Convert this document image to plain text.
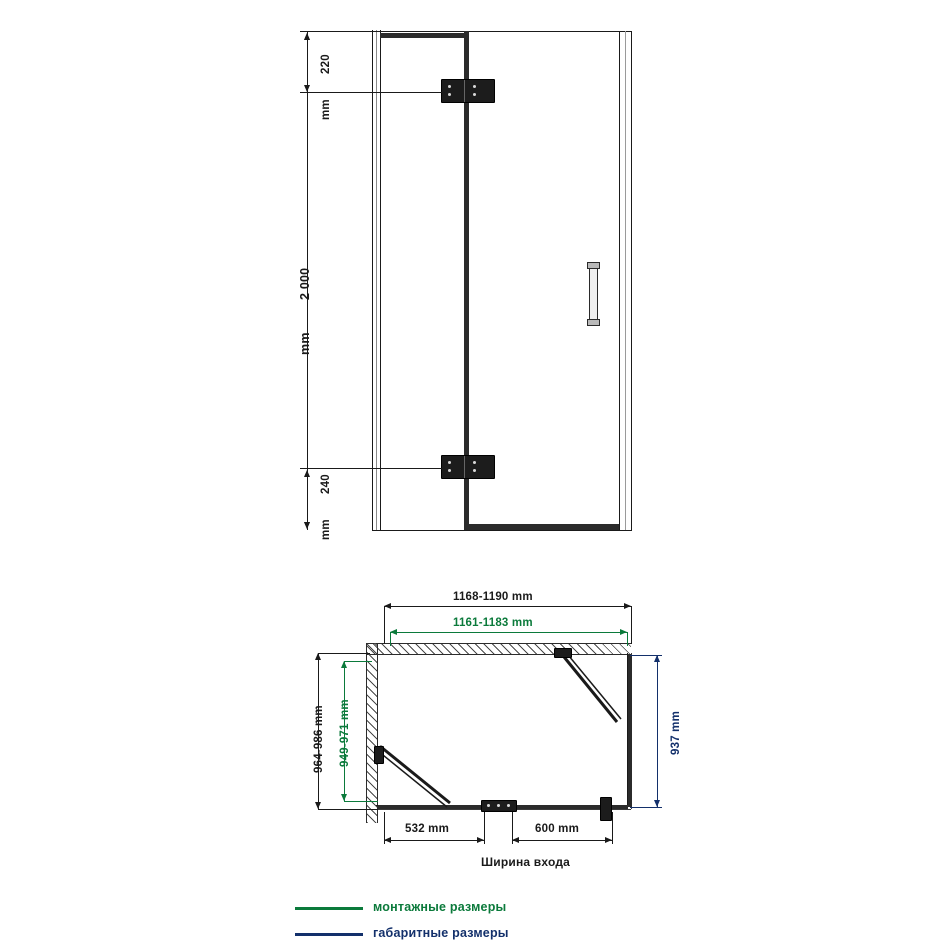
220
mm
2 000
mm
240
mm
1168-1190 mm
1161-1183 mm
964-986 mm 949-971 mm	937 mm
532 mm	600 mm
Ширина входа
монтажные размеры
габаритные размеры
